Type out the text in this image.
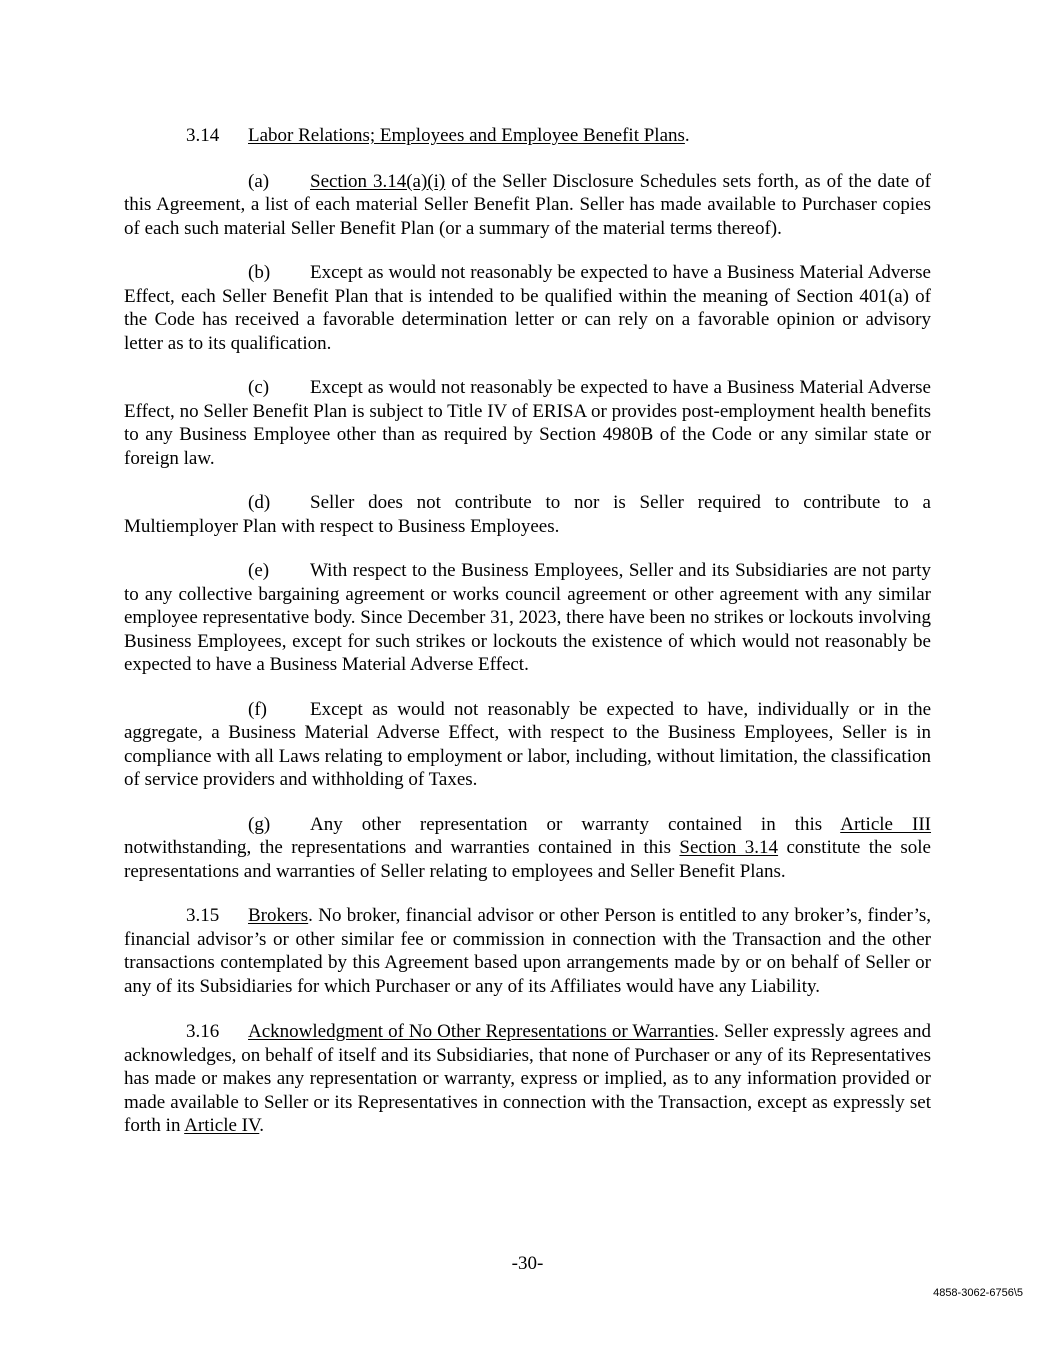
3.14 Labor Relations; Employees and Employee Benefit Plans.

(a) Section 3.14(a)(i) of the Seller Disclosure Schedules sets forth, as of the date of this Agreement, a list of each material Seller Benefit Plan. Seller has made available to Purchaser copies of each such material Seller Benefit Plan (or a summary of the material terms thereof).

(b) Except as would not reasonably be expected to have a Business Material Adverse Effect, each Seller Benefit Plan that is intended to be qualified within the meaning of Section 401(a) of the Code has received a favorable determination letter or can rely on a favorable opinion or advisory letter as to its qualification.

(c) Except as would not reasonably be expected to have a Business Material Adverse Effect, no Seller Benefit Plan is subject to Title IV of ERISA or provides post-employment health benefits to any Business Employee other than as required by Section 4980B of the Code or any similar state or foreign law.

(d) Seller does not contribute to nor is Seller required to contribute to a Multiemployer Plan with respect to Business Employees.

(e) With respect to the Business Employees, Seller and its Subsidiaries are not party to any collective bargaining agreement or works council agreement or other agreement with any similar employee representative body. Since December 31, 2023, there have been no strikes or lockouts involving Business Employees, except for such strikes or lockouts the existence of which would not reasonably be expected to have a Business Material Adverse Effect.

(f) Except as would not reasonably be expected to have, individually or in the aggregate, a Business Material Adverse Effect, with respect to the Business Employees, Seller is in compliance with all Laws relating to employment or labor, including, without limitation, the classification of service providers and withholding of Taxes.

(g) Any other representation or warranty contained in this Article III notwithstanding, the representations and warranties contained in this Section 3.14 constitute the sole representations and warranties of Seller relating to employees and Seller Benefit Plans.

3.15 Brokers. No broker, financial advisor or other Person is entitled to any broker’s, finder’s, financial advisor’s or other similar fee or commission in connection with the Transaction and the other transactions contemplated by this Agreement based upon arrangements made by or on behalf of Seller or any of its Subsidiaries for which Purchaser or any of its Affiliates would have any Liability.

3.16 Acknowledgment of No Other Representations or Warranties. Seller expressly agrees and acknowledges, on behalf of itself and its Subsidiaries, that none of Purchaser or any of its Representatives has made or makes any representation or warranty, express or implied, as to any information provided or made available to Seller or its Representatives in connection with the Transaction, except as expressly set forth in Article IV.

-30-
4858-3062-6756\5
